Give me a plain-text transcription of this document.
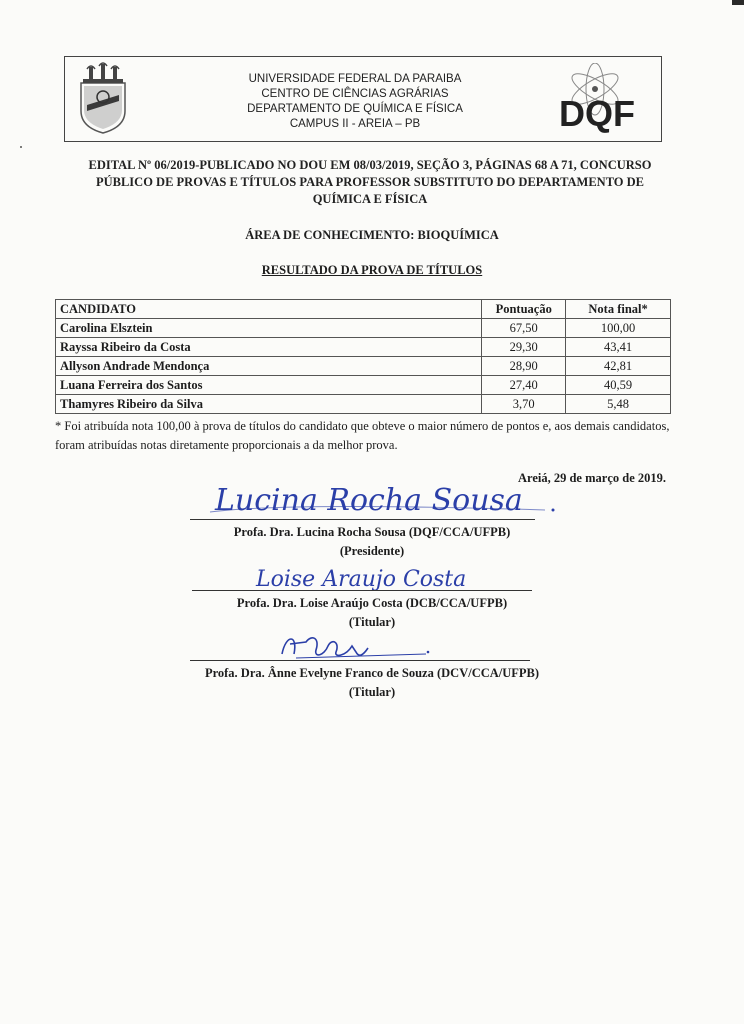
UNIVERSIDADE FEDERAL DA PARAIBA
CENTRO DE CIÊNCIAS AGRÁRIAS
DEPARTAMENTO DE QUÍMICA E FÍSICA
CAMPUS II - AREIA – PB	DQF
EDITAL Nº 06/2019-PUBLICADO NO DOU EM 08/03/2019, SEÇÃO 3, PÁGINAS 68 A 71, CONCURSO
PÚBLICO DE PROVAS E TÍTULOS PARA PROFESSOR SUBSTITUTO DO DEPARTAMENTO DE
QUÍMICA E FÍSICA
ÁREA DE CONHECIMENTO: BIOQUÍMICA
RESULTADO DA PROVA DE TÍTULOS
CANDIDATO	Pontuação	Nota final*
Carolina Elsztein	67,50	100,00
Rayssa Ribeiro da Costa	29,30	43,41
Allyson Andrade Mendonça	28,90	42,81
Luana Ferreira dos Santos	27,40	40,59
Thamyres Ribeiro da Silva	3,70	5,48
* Foi atribuída nota 100,00 à prova de títulos do candidato que obteve o maior número de pontos e, aos demais candidatos, foram atribuídas notas diretamente proporcionais a da melhor prova.
Areiá, 29 de março de 2019.
Lucina Rocha Sousa
Profa. Dra. Lucina Rocha Sousa (DQF/CCA/UFPB)
(Presidente)
Loise Araujo Costa
Profa. Dra. Loise Araújo Costa (DCB/CCA/UFPB)
(Titular)
Profa. Dra. Ânne Evelyne Franco de Souza (DCV/CCA/UFPB)
(Titular)
